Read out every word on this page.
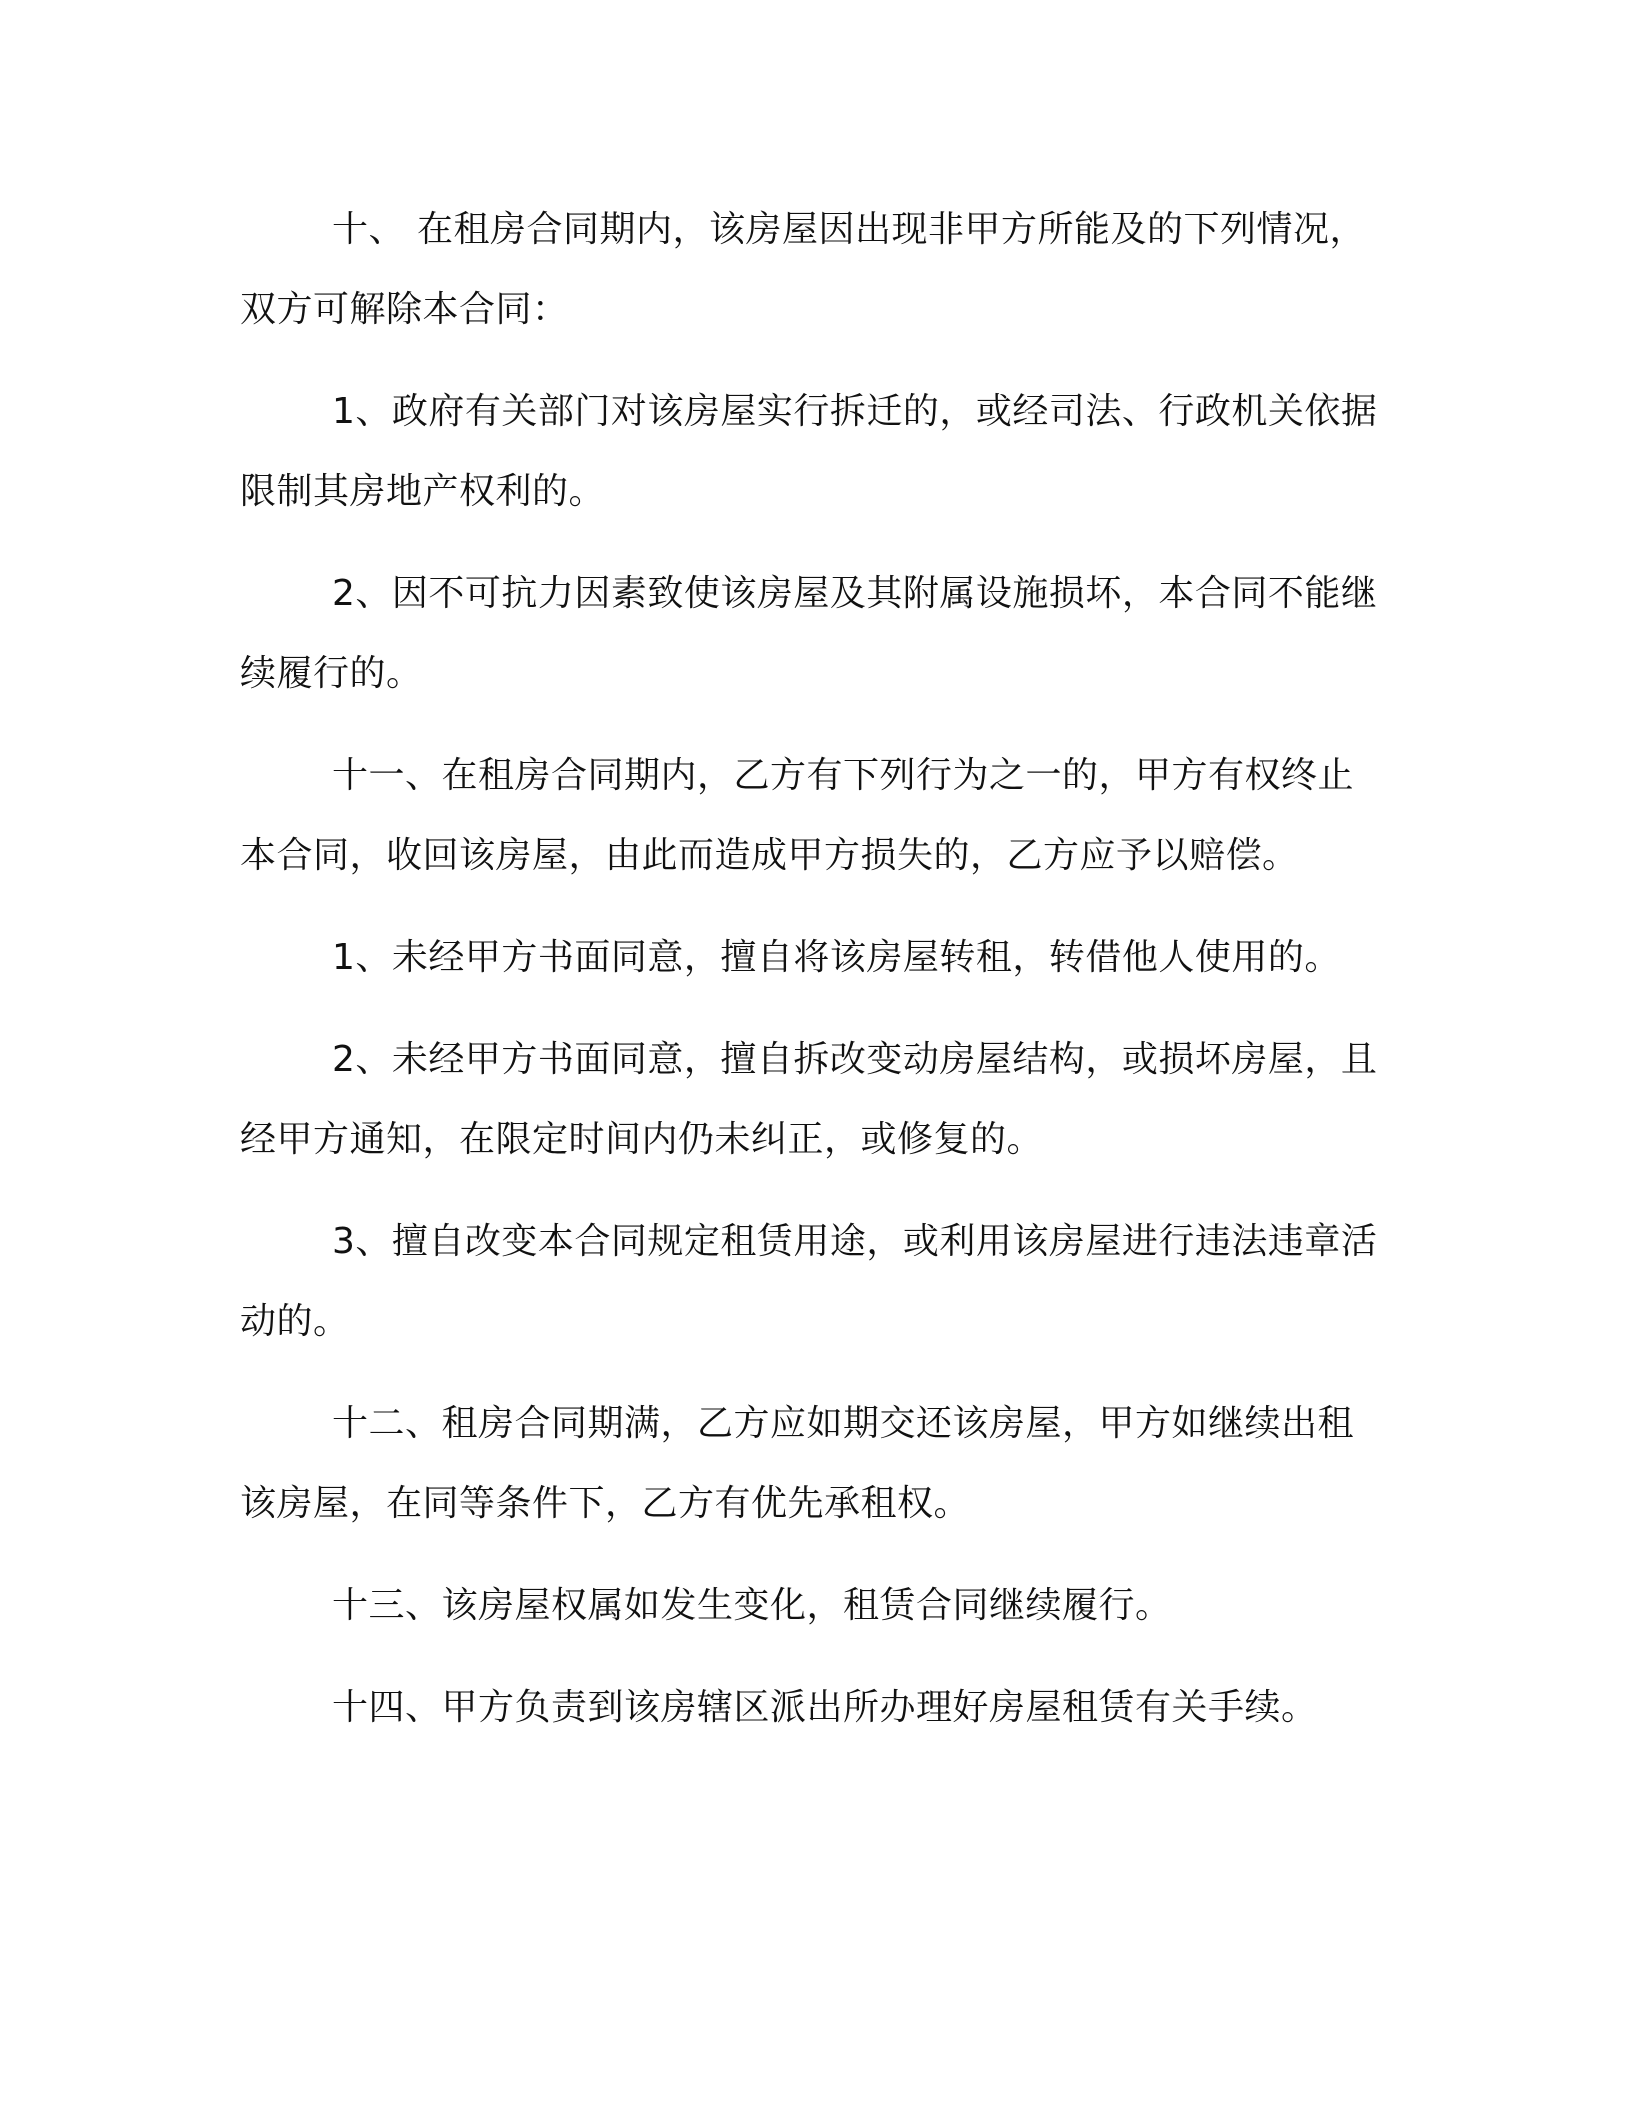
十、 在租房合同期内，该房屋因出现非甲方所能及的下列情况，双方可解除本合同：

1、政府有关部门对该房屋实行拆迁的，或经司法、行政机关依据限制其房地产权利的。

2、因不可抗力因素致使该房屋及其附属设施损坏，本合同不能继续履行的。

十一、在租房合同期内，乙方有下列行为之一的，甲方有权终止本合同，收回该房屋，由此而造成甲方损失的，乙方应予以赔偿。

1、未经甲方书面同意，擅自将该房屋转租，转借他人使用的。

2、未经甲方书面同意，擅自拆改变动房屋结构，或损坏房屋，且经甲方通知，在限定时间内仍未纠正，或修复的。

3、擅自改变本合同规定租赁用途，或利用该房屋进行违法违章活动的。

十二、租房合同期满，乙方应如期交还该房屋，甲方如继续出租该房屋，在同等条件下，乙方有优先承租权。

十三、该房屋权属如发生变化，租赁合同继续履行。

十四、甲方负责到该房辖区派出所办理好房屋租赁有关手续。
